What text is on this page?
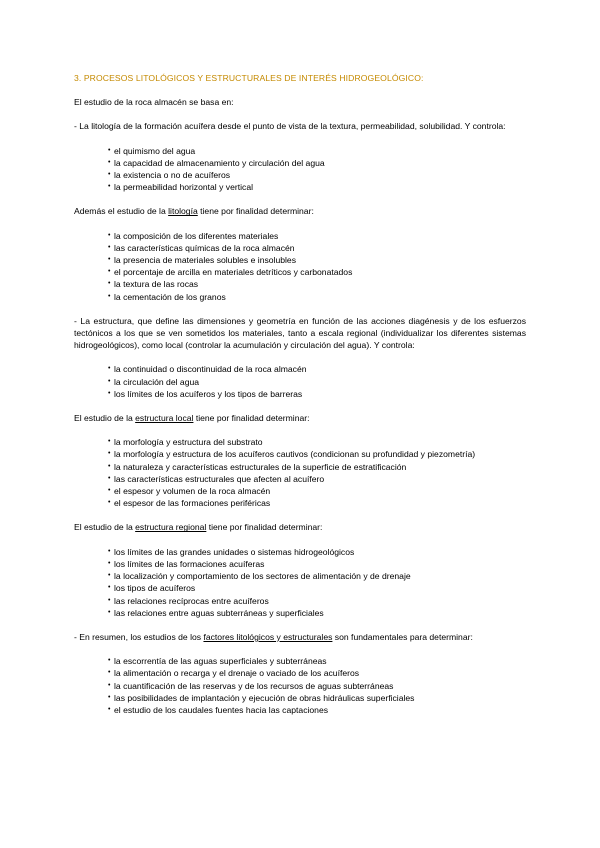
3. PROCESOS LITOLÓGICOS Y ESTRUCTURALES DE INTERÉS HIDROGEOLÓGICO:

El estudio de la roca almacén se basa en:

- La litología de la formación acuífera desde el punto de vista de la textura, permeabilidad, solubilidad. Y controla:

• el quimismo del agua
• la capacidad de almacenamiento y circulación del agua
• la existencia o no de acuíferos
• la permeabilidad horizontal y vertical

Además el estudio de la litología tiene por finalidad determinar:

• la composición de los diferentes materiales
• las características químicas de la roca almacén
• la presencia de materiales solubles e insolubles
• el porcentaje de arcilla en materiales detríticos y carbonatados
• la textura de las rocas
• la cementación de los granos

- La estructura, que define las dimensiones y geometría en función de las acciones diagénesis y de los esfuerzos tectónicos a los que se ven sometidos los materiales, tanto a escala regional (individualizar los diferentes sistemas hidrogeológicos), como local (controlar la acumulación y circulación del agua). Y controla:

• la continuidad o discontinuidad de la roca almacén
• la circulación del agua
• los límites de los acuíferos y los tipos de barreras

El estudio de la estructura local tiene por finalidad determinar:

• la morfología y estructura del substrato
• la morfología y estructura de los acuíferos cautivos (condicionan su profundidad y piezometría)
• la naturaleza y características estructurales de la superficie de estratificación
• las características estructurales que afecten al acuífero
• el espesor y volumen de la roca almacén
• el espesor de las formaciones periféricas

El estudio de la estructura regional tiene por finalidad determinar:

• los límites de las grandes unidades o sistemas hidrogeológicos
• los límites de las formaciones acuíferas
• la localización y comportamiento de los sectores de alimentación y de drenaje
• los tipos de acuíferos
• las relaciones recíprocas entre acuíferos
• las relaciones entre aguas subterráneas y superficiales

- En resumen, los estudios de los factores litológicos y estructurales son fundamentales para determinar:

• la escorrentía de las aguas superficiales y subterráneas
• la alimentación o recarga y el drenaje o vaciado de los acuíferos
• la cuantificación de las reservas y de los recursos de aguas subterráneas
• las posibilidades de implantación y ejecución de obras hidráulicas superficiales
• el estudio de los caudales fuentes hacia las captaciones
